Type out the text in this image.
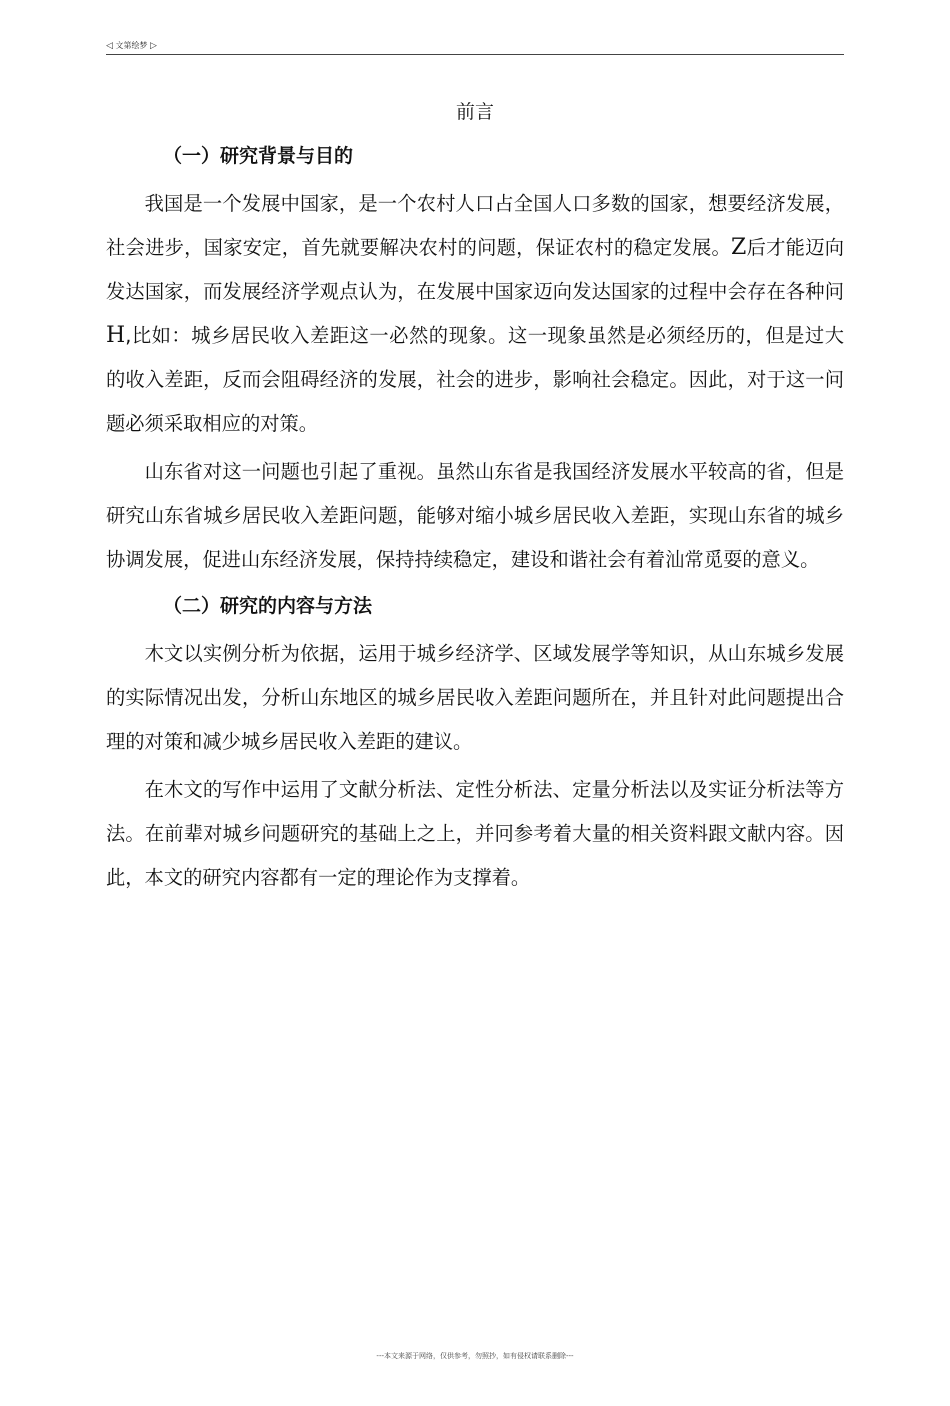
◁ 文第绘梦 ▷
前言
（一）研究背景与目的

我国是一个发展中国家，是一个农村人口占全国人口多数的国家，想要经济发展，社会进步，国家安定，首先就要解决农村的问题，保证农村的稳定发展。Z后才能迈向发达国家，而发展经济学观点认为，在发展中国家迈向发达国家的过程中会存在各种问H,比如：城乡居民收入差距这一必然的现象。这一现象虽然是必须经历的，但是过大的收入差距，反而会阻碍经济的发展，社会的进步，影响社会稳定。因此，对于这一问题必须采取相应的对策。

山东省对这一问题也引起了重视。虽然山东省是我国经济发展水平较高的省，但是研究山东省城乡居民收入差距问题，能够对缩小城乡居民收入差距，实现山东省的城乡协调发展，促进山东经济发展，保持持续稳定，建设和谐社会有着汕常觅耍的意义。

（二）研究的内容与方法

木文以实例分析为依据，运用于城乡经济学、区域发展学等知识，从山东城乡发展的实际情况出发，分析山东地区的城乡居民收入差距问题所在，并且针对此问题提出合理的对策和减少城乡居民收入差距的建议。

在木文的写作中运用了文献分析法、定性分析法、定量分析法以及实证分析法等方法。在前辈对城乡问题研究的基础上之上，并冋参考着大量的相关资料跟文献内容。因此，本文的研究内容都有一定的理论作为支撑着。

---本文来源于网络，仅供参考，勿照抄，如有侵权请联系删除---
